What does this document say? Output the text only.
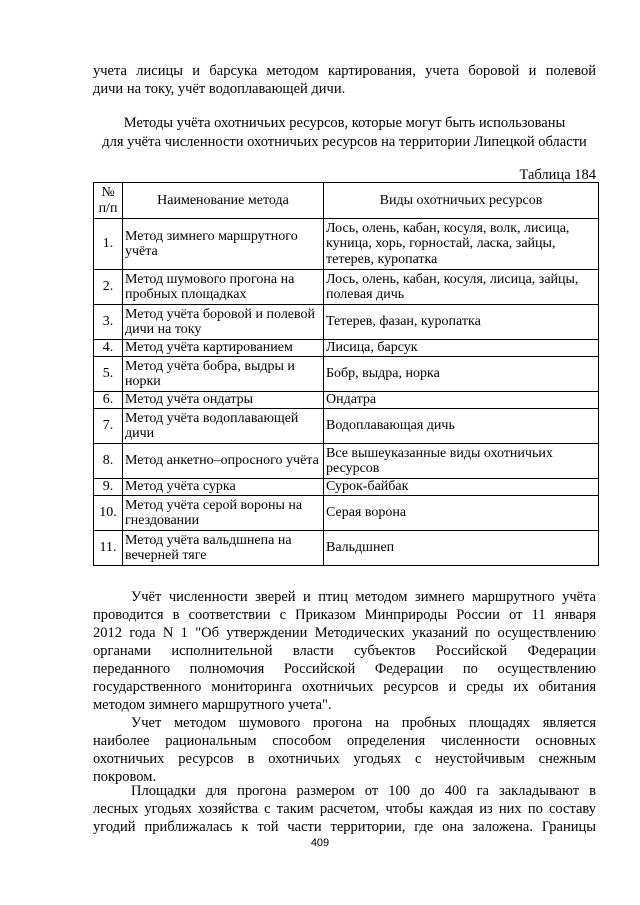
учета лисицы и барсука методом картирования, учета боровой и полевой
дичи на току, учёт водоплавающей дичи.
Методы учёта охотничьих ресурсов, которые могут быть использованы
для учёта численности охотничьих ресурсов на территории Липецкой области
Таблица 184
№ п/п	Наименование метода	Виды охотничьих ресурсов
1.	Метод зимнего маршрутного учёта	Лось, олень, кабан, косуля, волк, лисица, куница, хорь, горностай, ласка, зайцы, тетерев, куропатка
2.	Метод шумового прогона на пробных площадках	Лось, олень, кабан, косуля, лисица, зайцы, полевая дичь
3.	Метод учёта боровой и полевой дичи на току	Тетерев, фазан, куропатка
4.	Метод учёта картированием	Лисица, барсук
5.	Метод учёта бобра, выдры и норки	Бобр, выдра, норка
6.	Метод учёта ондатры	Ондатра
7.	Метод учёта водоплавающей дичи	Водоплавающая дичь
8.	Метод анкетно–опросного учёта	Все вышеуказанные виды охотничьих ресурсов
9.	Метод учёта сурка	Сурок-байбак
10.	Метод учёта серой вороны на гнездовании	Серая ворона
11.	Метод учёта вальдшнепа на вечерней тяге	Вальдшнеп
Учёт численности зверей и птиц методом зимнего маршрутного учёта
проводится в соответствии с Приказом Минприроды России от 11 января
2012 года N 1 "Об утверждении Методических указаний по осуществлению
органами исполнительной власти субъектов Российской Федерации
переданного полномочия Российской Федерации по осуществлению
государственного мониторинга охотничьих ресурсов и среды их обитания
методом зимнего маршрутного учета".
Учет методом шумового прогона на пробных площадях является
наиболее рациональным способом определения численности основных
охотничьих ресурсов в охотничьих угодьях с неустойчивым снежным
покровом.
Площадки для прогона размером от 100 до 400 га закладывают в
лесных угодьях хозяйства с таким расчетом, чтобы каждая из них по составу
угодий приближалась к той части территории, где она заложена. Границы
409
